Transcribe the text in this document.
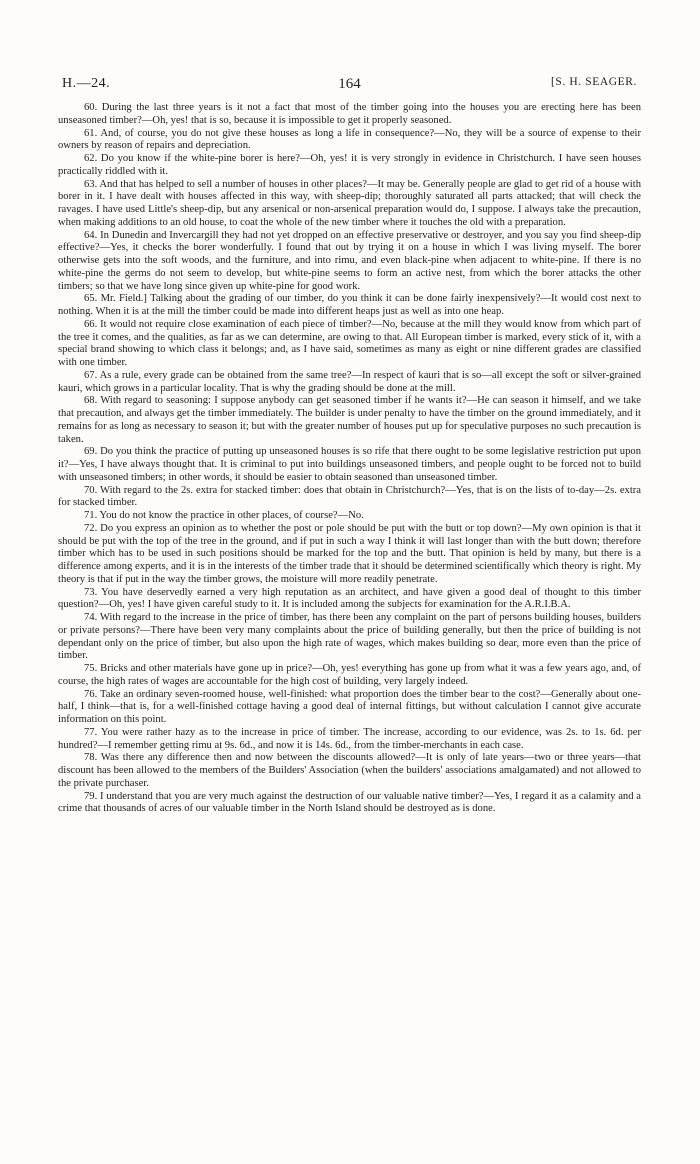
H.—24.	164	[S. H. SEAGER.

60. During the last three years is it not a fact that most of the timber going into the houses you are erecting here has been unseasoned timber?—Oh, yes! that is so, because it is impossible to get it properly seasoned.

61. And, of course, you do not give these houses as long a life in consequence?—No, they will be a source of expense to their owners by reason of repairs and depreciation.

62. Do you know if the white-pine borer is here?—Oh, yes! it is very strongly in evidence in Christchurch. I have seen houses practically riddled with it.

63. And that has helped to sell a number of houses in other places?—It may be. Generally people are glad to get rid of a house with borer in it. I have dealt with houses affected in this way, with sheep-dip; thoroughly saturated all parts attacked; that will check the ravages. I have used Little's sheep-dip, but any arsenical or non-arsenical preparation would do, I suppose. I always take the precaution, when making additions to an old house, to coat the whole of the new timber where it touches the old with a preparation.

64. In Dunedin and Invercargill they had not yet dropped on an effective preservative or destroyer, and you say you find sheep-dip effective?—Yes, it checks the borer wonderfully. I found that out by trying it on a house in which I was living myself. The borer otherwise gets into the soft woods, and the furniture, and into rimu, and even black-pine when adjacent to white-pine. If there is no white-pine the germs do not seem to develop, but white-pine seems to form an active nest, from which the borer attacks the other timbers; so that we have long since given up white-pine for good work.

65. Mr. Field.] Talking about the grading of our timber, do you think it can be done fairly inexpensively?—It would cost next to nothing. When it is at the mill the timber could be made into different heaps just as well as into one heap.

66. It would not require close examination of each piece of timber?—No, because at the mill they would know from which part of the tree it comes, and the qualities, as far as we can determine, are owing to that. All European timber is marked, every stick of it, with a special brand showing to which class it belongs; and, as I have said, sometimes as many as eight or nine different grades are classified with one timber.

67. As a rule, every grade can be obtained from the same tree?—In respect of kauri that is so—all except the soft or silver-grained kauri, which grows in a particular locality. That is why the grading should be done at the mill.

68. With regard to seasoning: I suppose anybody can get seasoned timber if he wants it?—He can season it himself, and we take that precaution, and always get the timber immediately. The builder is under penalty to have the timber on the ground immediately, and it remains for as long as necessary to season it; but with the greater number of houses put up for speculative purposes no such precaution is taken.

69. Do you think the practice of putting up unseasoned houses is so rife that there ought to be some legislative restriction put upon it?—Yes, I have always thought that. It is criminal to put into buildings unseasoned timbers, and people ought to be forced not to build with unseasoned timbers; in other words, it should be easier to obtain seasoned than unseasoned timber.

70. With regard to the 2s. extra for stacked timber: does that obtain in Christchurch?—Yes, that is on the lists of to-day—2s. extra for stacked timber.

71. You do not know the practice in other places, of course?—No.

72. Do you express an opinion as to whether the post or pole should be put with the butt or top down?—My own opinion is that it should be put with the top of the tree in the ground, and if put in such a way I think it will last longer than with the butt down; therefore timber which has to be used in such positions should be marked for the top and the butt. That opinion is held by many, but there is a difference among experts, and it is in the interests of the timber trade that it should be determined scientifically which theory is right. My theory is that if put in the way the timber grows, the moisture will more readily penetrate.

73. You have deservedly earned a very high reputation as an architect, and have given a good deal of thought to this timber question?—Oh, yes! I have given careful study to it. It is included among the subjects for examination for the A.R.I.B.A.

74. With regard to the increase in the price of timber, has there been any complaint on the part of persons building houses, builders or private persons?—There have been very many complaints about the price of building generally, but then the price of building is not dependant only on the price of timber, but also upon the high rate of wages, which makes building so dear, more even than the price of timber.

75. Bricks and other materials have gone up in price?—Oh, yes! everything has gone up from what it was a few years ago, and, of course, the high rates of wages are accountable for the high cost of building, very largely indeed.

76. Take an ordinary seven-roomed house, well-finished: what proportion does the timber bear to the cost?—Generally about one-half, I think—that is, for a well-finished cottage having a good deal of internal fittings, but without calculation I cannot give accurate information on this point.

77. You were rather hazy as to the increase in price of timber. The increase, according to our evidence, was 2s. to 1s. 6d. per hundred?—I remember getting rimu at 9s. 6d., and now it is 14s. 6d., from the timber-merchants in each case.

78. Was there any difference then and now between the discounts allowed?—It is only of late years—two or three years—that discount has been allowed to the members of the Builders' Association (when the builders' associations amalgamated) and not allowed to the private purchaser.

79. I understand that you are very much against the destruction of our valuable native timber?—Yes, I regard it as a calamity and a crime that thousands of acres of our valuable timber in the North Island should be destroyed as is done.
